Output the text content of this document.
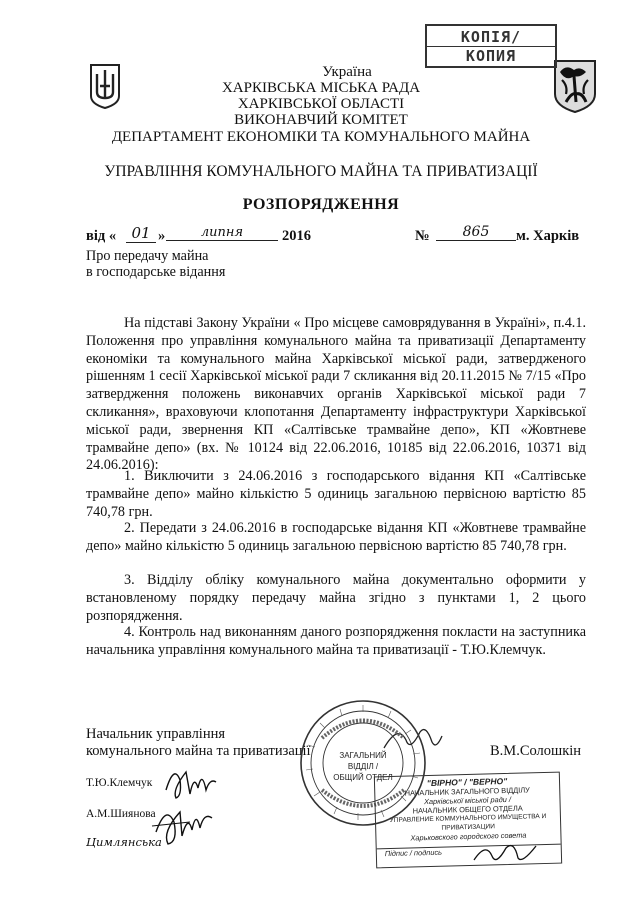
КОПІЯ/
КОПИЯ
Україна
ХАРКІВСЬКА МІСЬКА РАДА
ХАРКІВСЬКОЇ ОБЛАСТІ
ВИКОНАВЧИЙ КОМІТЕТ
ДЕПАРТАМЕНТ ЕКОНОМІКИ ТА КОМУНАЛЬНОГО МАЙНА
УПРАВЛІННЯ КОМУНАЛЬНОГО МАЙНА ТА ПРИВАТИЗАЦІЇ
РОЗПОРЯДЖЕННЯ
від «	01 »	липня	2016	№	865	м. Харків
Про передачу майна
в господарське відання
На підставі Закону України « Про місцеве самоврядування в Україні», п.4.1. Положення про управління комунального майна та приватизації Департаменту економіки та комунального майна Харківської міської ради, затвердженого рішенням 1 сесії Харківської міської ради 7 скликання від 20.11.2015 № 7/15 «Про затвердження положень виконавчих органів Харківської міської ради 7 скликання», враховуючи клопотання Департаменту інфраструктури Харківської міської ради, звернення КП «Салтівське трамвайне депо», КП «Жовтневе трамвайне депо» (вх. № 10124 від 22.06.2016, 10185 від 22.06.2016, 10371 від 24.06.2016):
1. Виключити з 24.06.2016 з господарського відання КП «Салтівське трамвайне депо» майно кількістю 5 одиниць загальною первісною вартістю 85 740,78 грн.
2. Передати з 24.06.2016 в господарське відання КП «Жовтневе трамвайне депо» майно кількістю 5 одиниць загальною первісною вартістю 85 740,78 грн.
3. Відділу обліку комунального майна документально оформити у встановленому порядку передачу майна згідно з пунктами 1, 2 цього розпорядження.
4. Контроль над виконанням даного розпорядження покласти на заступника начальника управління комунального майна та приватизації - Т.Ю.Клемчук.
Начальник управління
комунального майна та приватизації	В.М.Солошкін
Т.Ю.Клемчук
А.М.Шиянова
Цимлянська
ЗАГАЛЬНИЙ
ВІДДІЛ /
ОБЩИЙ ОТДЕЛ	"ВІРНО" / "ВЕРНО"
НАЧАЛЬНИК ЗАГАЛЬНОГО ВІДДІЛУ
Харківської міської ради /
НАЧАЛЬНИК ОБЩЕГО ОТДЕЛА
УПРАВЛЕНИЕ КОММУНАЛЬНОГО ИМУЩЕСТВА И ПРИВАТИЗАЦИИ
Харьковского городского совета
Підпис / подпись
